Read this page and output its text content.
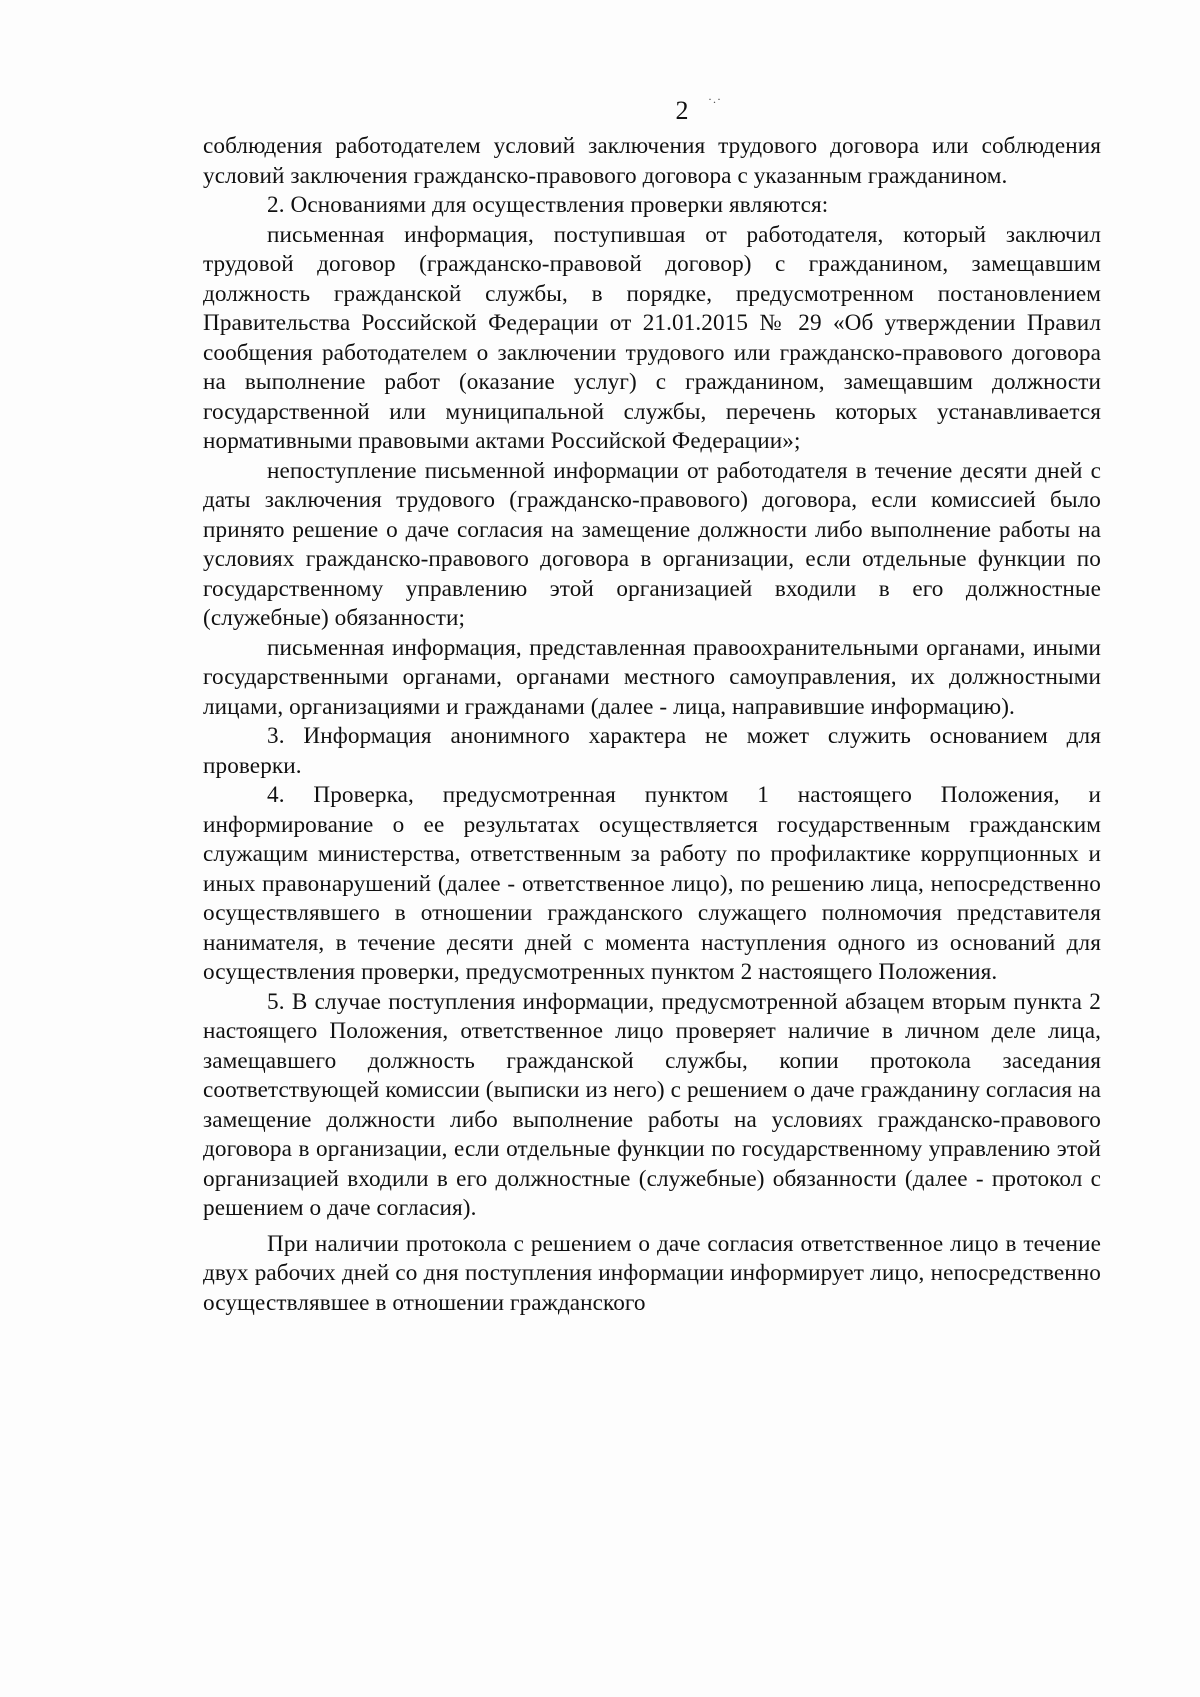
·.·
2

соблюдения работодателем условий заключения трудового договора или соблюдения условий заключения гражданско-правового договора с указанным гражданином.

2. Основаниями для осуществления проверки являются:

письменная информация, поступившая от работодателя, который заключил трудовой договор (гражданско-правовой договор) с гражданином, замещавшим должность гражданской службы, в порядке, предусмотренном постановлением Правительства Российской Федерации от 21.01.2015 № 29 «Об утверждении Правил сообщения работодателем о заключении трудового или гражданско-правового договора на выполнение работ (оказание услуг) с гражданином, замещавшим должности государственной или муниципальной службы, перечень которых устанавливается нормативными правовыми актами Российской Федерации»;

непоступление письменной информации от работодателя в течение десяти дней с даты заключения трудового (гражданско-правового) договора, если комиссией было принято решение о даче согласия на замещение должности либо выполнение работы на условиях гражданско-правового договора в организации, если отдельные функции по государственному управлению этой организацией входили в его должностные (служебные) обязанности;

письменная информация, представленная правоохранительными органами, иными государственными органами, органами местного самоуправления, их должностными лицами, организациями и гражданами (далее - лица, направившие информацию).

3. Информация анонимного характера не может служить основанием для проверки.

4. Проверка, предусмотренная пунктом 1 настоящего Положения, и информирование о ее результатах осуществляется государственным гражданским служащим министерства, ответственным за работу по профилактике коррупционных и иных правонарушений (далее - ответственное лицо), по решению лица, непосредственно осуществлявшего в отношении гражданского служащего полномочия представителя нанимателя, в течение десяти дней с момента наступления одного из оснований для осуществления проверки, предусмотренных пунктом 2 настоящего Положения.

5. В случае поступления информации, предусмотренной абзацем вторым пункта 2 настоящего Положения, ответственное лицо проверяет наличие в личном деле лица, замещавшего должность гражданской службы, копии протокола заседания соответствующей комиссии (выписки из него) с решением о даче гражданину согласия на замещение должности либо выполнение работы на условиях гражданско-правового договора в организации, если отдельные функции по государственному управлению этой организацией входили в его должностные (служебные) обязанности (далее - протокол с решением о даче согласия).

При наличии протокола с решением о даче согласия ответственное лицо в течение двух рабочих дней со дня поступления информации информирует лицо, непосредственно осуществлявшее в отношении гражданского
